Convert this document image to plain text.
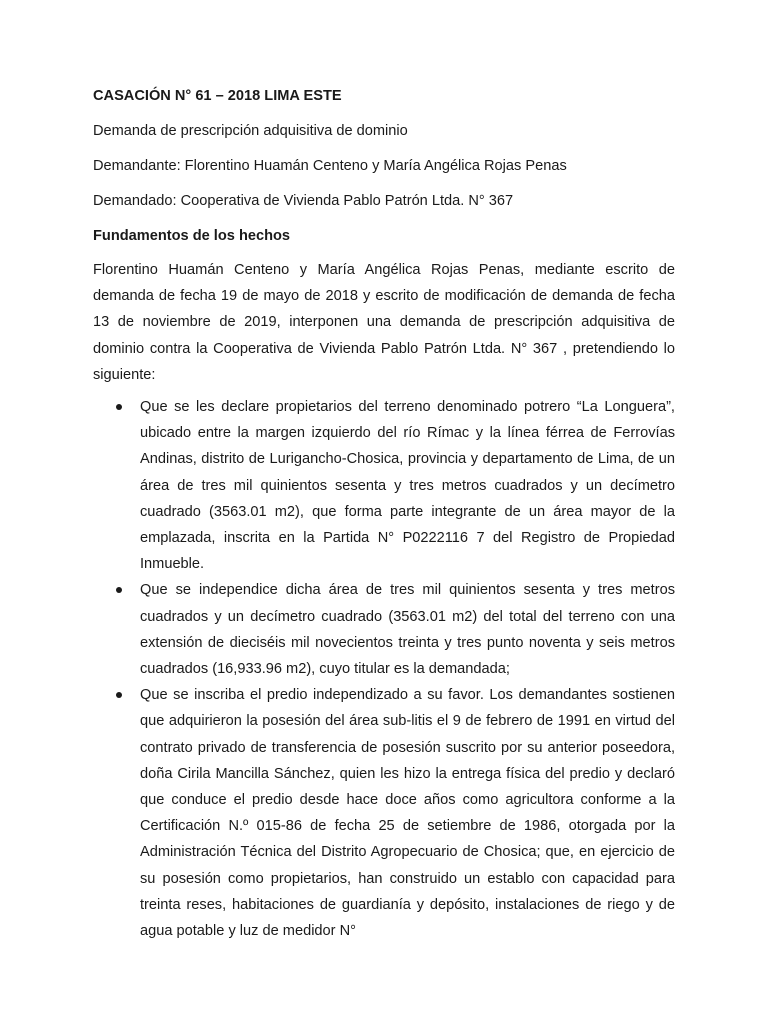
CASACIÓN N° 61 – 2018 LIMA ESTE
Demanda de prescripción adquisitiva de dominio
Demandante: Florentino Huamán Centeno y María Angélica Rojas Penas
Demandado: Cooperativa de Vivienda Pablo Patrón Ltda. N° 367
Fundamentos de los hechos

Florentino Huamán Centeno y María Angélica Rojas Penas, mediante escrito de demanda de fecha 19 de mayo de 2018 y escrito de modificación de demanda de fecha 13 de noviembre de 2019, interponen una demanda de prescripción adquisitiva de dominio contra la Cooperativa de Vivienda Pablo Patrón Ltda. N° 367 , pretendiendo lo siguiente:

Que se les declare propietarios del terreno denominado potrero “La Longuera”, ubicado entre la margen izquierdo del río Rímac y la línea férrea de Ferrovías Andinas, distrito de Lurigancho-Chosica, provincia y departamento de Lima, de un área de tres mil quinientos sesenta y tres metros cuadrados y un decímetro cuadrado (3563.01 m2), que forma parte integrante de un área mayor de la emplazada, inscrita en la Partida N° P0222116 7 del Registro de Propiedad Inmueble.
Que se independice dicha área de tres mil quinientos sesenta y tres metros cuadrados y un decímetro cuadrado (3563.01 m2) del total del terreno con una extensión de dieciséis mil novecientos treinta y tres punto noventa y seis metros cuadrados (16,933.96 m2), cuyo titular es la demandada;
Que se inscriba el predio independizado a su favor. Los demandantes sostienen que adquirieron la posesión del área sub-litis el 9 de febrero de 1991 en virtud del contrato privado de transferencia de posesión suscrito por su anterior poseedora, doña Cirila Mancilla Sánchez, quien les hizo la entrega física del predio y declaró que conduce el predio desde hace doce años como agricultora conforme a la Certificación N.º 015-86 de fecha 25 de setiembre de 1986, otorgada por la Administración Técnica del Distrito Agropecuario de Chosica; que, en ejercicio de su posesión como propietarios, han construido un establo con capacidad para treinta reses, habitaciones de guardianía y depósito, instalaciones de riego y de agua potable y luz de medidor N°
